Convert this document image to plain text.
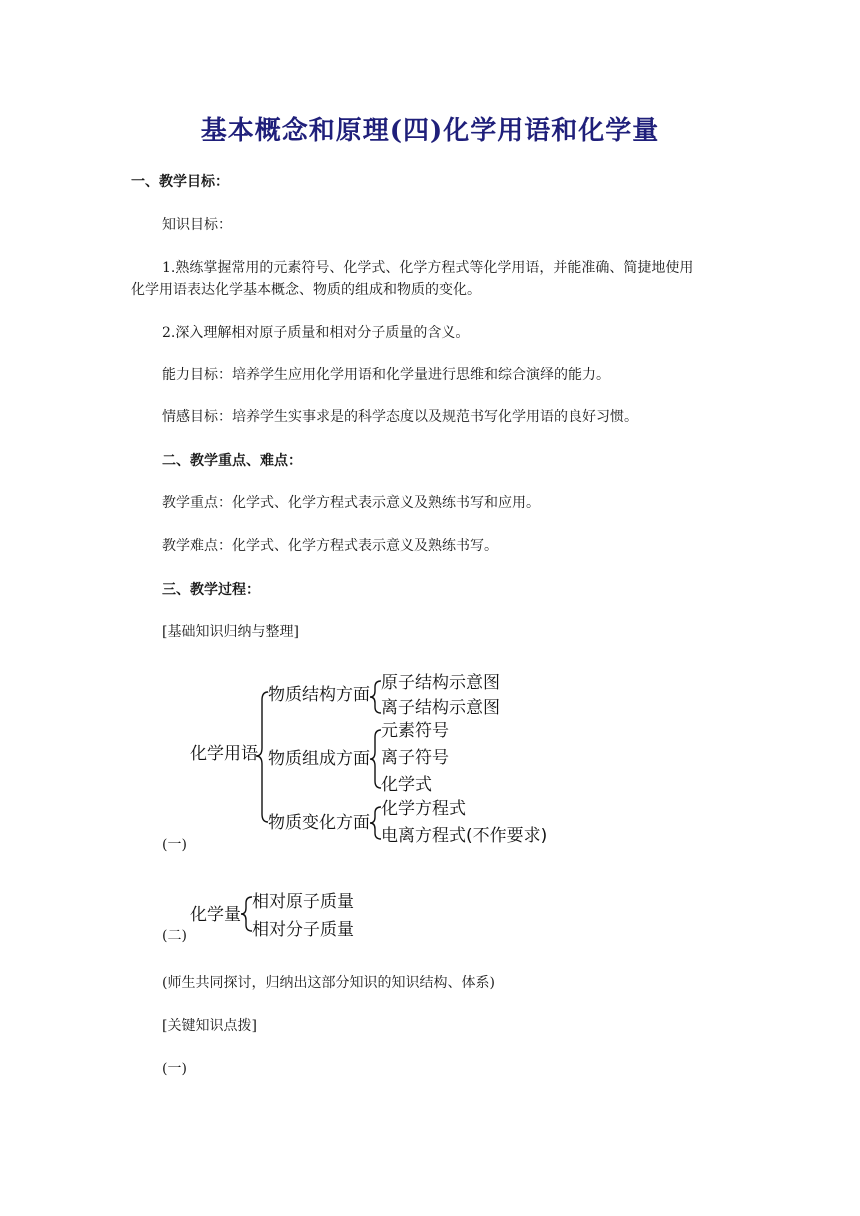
基本概念和原理(四)化学用语和化学量
一、教学目标：
知识目标：
1.熟练掌握常用的元素符号、化学式、化学方程式等化学用语，并能准确、简捷地使用
化学用语表达化学基本概念、物质的组成和物质的变化。
2.深入理解相对原子质量和相对分子质量的含义。
能力目标：培养学生应用化学用语和化学量进行思维和综合演绎的能力。
情感目标：培养学生实事求是的科学态度以及规范书写化学用语的良好习惯。
二、教学重点、难点：
教学重点：化学式、化学方程式表示意义及熟练书写和应用。
教学难点：化学式、化学方程式表示意义及熟练书写。
三、教学过程：
[基础知识归纳与整理]
化学用语
物质结构方面
原子结构示意图
离子结构示意图
物质组成方面
元素符号
离子符号
化学式
物质变化方面
化学方程式
电离方程式(不作要求)
(一)
化学量
相对原子质量
相对分子质量
(二)
(师生共同探讨，归纳出这部分知识的知识结构、体系)
[关键知识点拨]
(一)
